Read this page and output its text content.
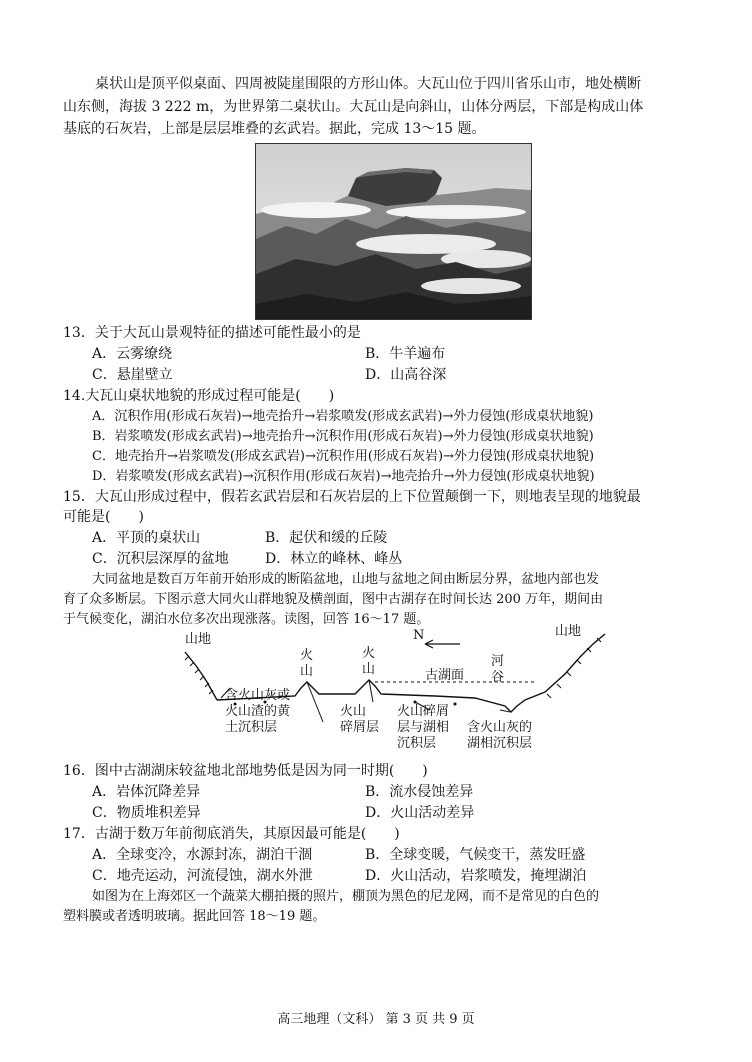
桌状山是顶平似桌面、四周被陡崖围限的方形山体。大瓦山位于四川省乐山市，地处横断
山东侧，海拔 3 222 m，为世界第二桌状山。大瓦山是向斜山，山体分两层，下部是构成山体
基底的石灰岩，上部是层层堆叠的玄武岩。据此，完成 13～15 题。
13．关于大瓦山景观特征的描述可能性最小的是
A．云雾缭绕	B．牛羊遍布
C．悬崖壁立	D．山高谷深
14.大瓦山桌状地貌的形成过程可能是(　　)
A．沉积作用(形成石灰岩)→地壳抬升→岩浆喷发(形成玄武岩)→外力侵蚀(形成桌状地貌)
B．岩浆喷发(形成玄武岩)→地壳抬升→沉积作用(形成石灰岩)→外力侵蚀(形成桌状地貌)
C．地壳抬升→岩浆喷发(形成玄武岩)→沉积作用(形成石灰岩)→外力侵蚀(形成桌状地貌)
D．岩浆喷发(形成玄武岩)→沉积作用(形成石灰岩)→地壳抬升→外力侵蚀(形成桌状地貌)
15．大瓦山形成过程中，假若玄武岩层和石灰岩层的上下位置颠倒一下，则地表呈现的地貌最
可能是(　　)
A．平顶的桌状山	B．起伏和缓的丘陵
C．沉积层深厚的盆地	D．林立的峰林、峰丛
大同盆地是数百万年前开始形成的断陷盆地，山地与盆地之间由断层分界，盆地内部也发
育了众多断层。下图示意大同火山群地貌及横剖面，图中古湖存在时间长达 200 万年，期间由
于气候变化，湖泊水位多次出现涨落。读图，回答 16～17 题。
山地
山地
N
火
山
火
山	古湖面
河
谷
含火山灰或
火山渣的黄
土沉积层
火山
碎屑层
火山碎屑
层与湖相
沉积层
含火山灰的
湖相沉积层
16．图中古湖湖床较盆地北部地势低是因为同一时期(　　)
A．岩体沉降差异	B．流水侵蚀差异
C．物质堆积差异	D．火山活动差异
17．古湖于数万年前彻底消失，其原因最可能是(　　)
A．全球变冷，水源封冻，湖泊干涸	B．全球变暖，气候变干，蒸发旺盛
C．地壳运动，河流侵蚀，湖水外泄	D．火山活动，岩浆喷发，掩埋湖泊
如图为在上海郊区一个蔬菜大棚拍摄的照片，棚顶为黑色的尼龙网，而不是常见的白色的
塑料膜或者透明玻璃。据此回答 18～19 题。
高三地理（文科） 第 3 页 共 9 页
